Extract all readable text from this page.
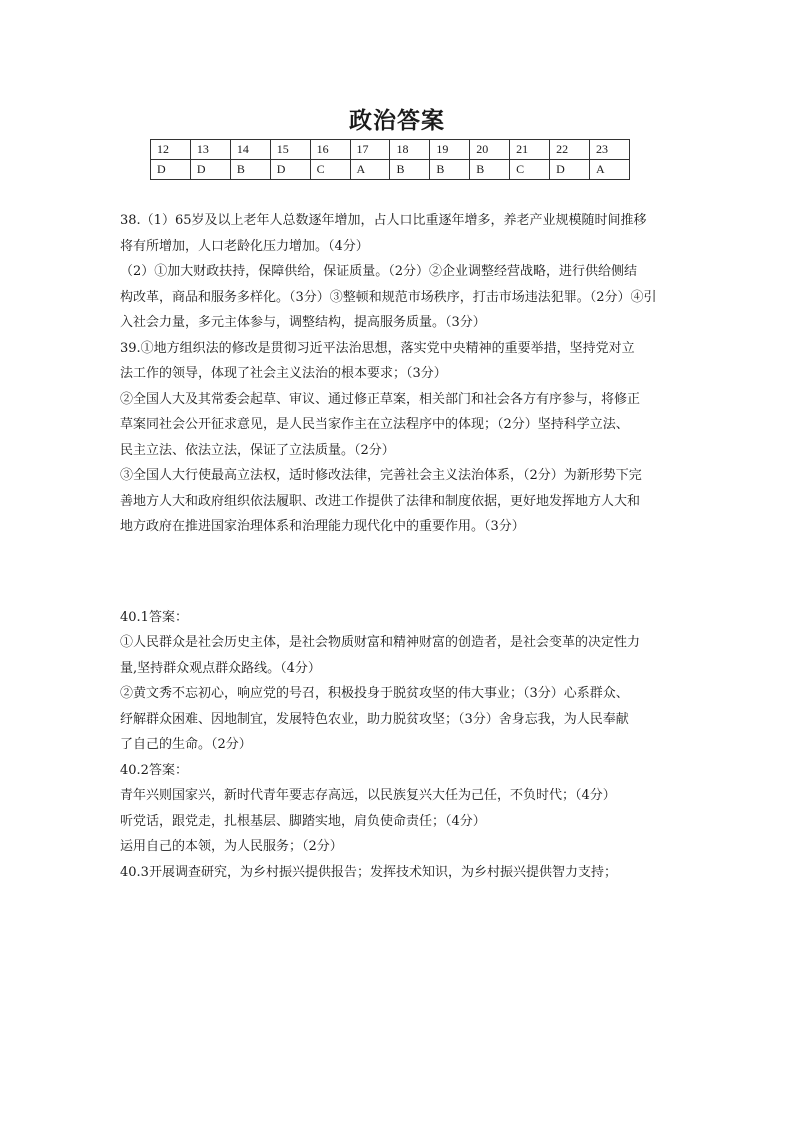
政治答案
12	13	14	15	16	17	18	19	20	21	22	23
D	D	B	D	C	A	B	B	B	C	D	A

38.（1）65岁及以上老年人总数逐年增加，占人口比重逐年增多，养老产业规模随时间推移

将有所增加，人口老龄化压力增加。（4分）

（2）①加大财政扶持，保障供给，保证质量。（2分）②企业调整经营战略，进行供给侧结

构改革，商品和服务多样化。（3分）③整顿和规范市场秩序，打击市场违法犯罪。（2分）④引

入社会力量，多元主体参与，调整结构，提高服务质量。（3分）

39.①地方组织法的修改是贯彻习近平法治思想，落实党中央精神的重要举措，坚持党对立

法工作的领导，体现了社会主义法治的根本要求；（3分）

②全国人大及其常委会起草、审议、通过修正草案，相关部门和社会各方有序参与，将修正

草案同社会公开征求意见，是人民当家作主在立法程序中的体现；（2分）坚持科学立法、

民主立法、依法立法，保证了立法质量。（2分）

③全国人大行使最高立法权，适时修改法律，完善社会主义法治体系，（2分）为新形势下完

善地方人大和政府组织依法履职、改进工作提供了法律和制度依据，更好地发挥地方人大和

地方政府在推进国家治理体系和治理能力现代化中的重要作用。（3分）

40.1答案：

①人民群众是社会历史主体，是社会物质财富和精神财富的创造者，是社会变革的决定性力

量,坚持群众观点群众路线。（4分）

②黄文秀不忘初心，响应党的号召，积极投身于脱贫攻坚的伟大事业；（3分）心系群众、

纾解群众困难、因地制宜，发展特色农业，助力脱贫攻坚；（3分）舍身忘我，为人民奉献

了自己的生命。（2分）

40.2答案：

青年兴则国家兴，新时代青年要志存高远，以民族复兴大任为己任，不负时代；（4分）

听党话，跟党走，扎根基层、脚踏实地，肩负使命责任；（4分）

运用自己的本领，为人民服务；（2分）

40.3开展调查研究，为乡村振兴提供报告；发挥技术知识，为乡村振兴提供智力支持；
